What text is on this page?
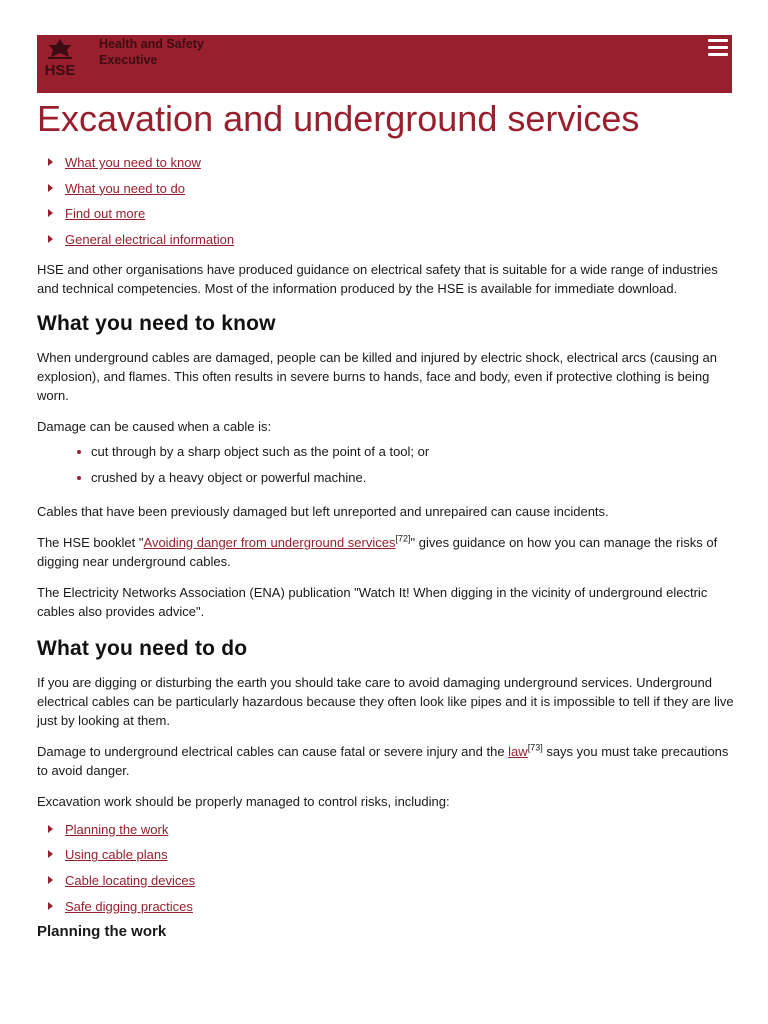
HSE
Health and Safety
Executive
Excavation and underground services
What you need to know
What you need to do
Find out more
General electrical information

HSE and other organisations have produced guidance on electrical safety that is suitable for a wide range of industries and technical competencies. Most of the information produced by the HSE is available for immediate download.

What you need to know

When underground cables are damaged, people can be killed and injured by electric shock, electrical arcs (causing an explosion), and flames. This often results in severe burns to hands, face and body, even if protective clothing is being worn.

Damage can be caused when a cable is:

cut through by a sharp object such as the point of a tool; or
crushed by a heavy object or powerful machine.

Cables that have been previously damaged but left unreported and unrepaired can cause incidents.

The HSE booklet "Avoiding danger from underground services[72]" gives guidance on how you can manage the risks of digging near underground cables.

The Electricity Networks Association (ENA) publication "Watch It! When digging in the vicinity of underground electric cables also provides advice".

What you need to do

If you are digging or disturbing the earth you should take care to avoid damaging underground services. Underground electrical cables can be particularly hazardous because they often look like pipes and it is impossible to tell if they are live just by looking at them.

Damage to underground electrical cables can cause fatal or severe injury and the law[73] says you must take precautions to avoid danger.

Excavation work should be properly managed to control risks, including:

Planning the work
Using cable plans
Cable locating devices
Safe digging practices
Planning the work
